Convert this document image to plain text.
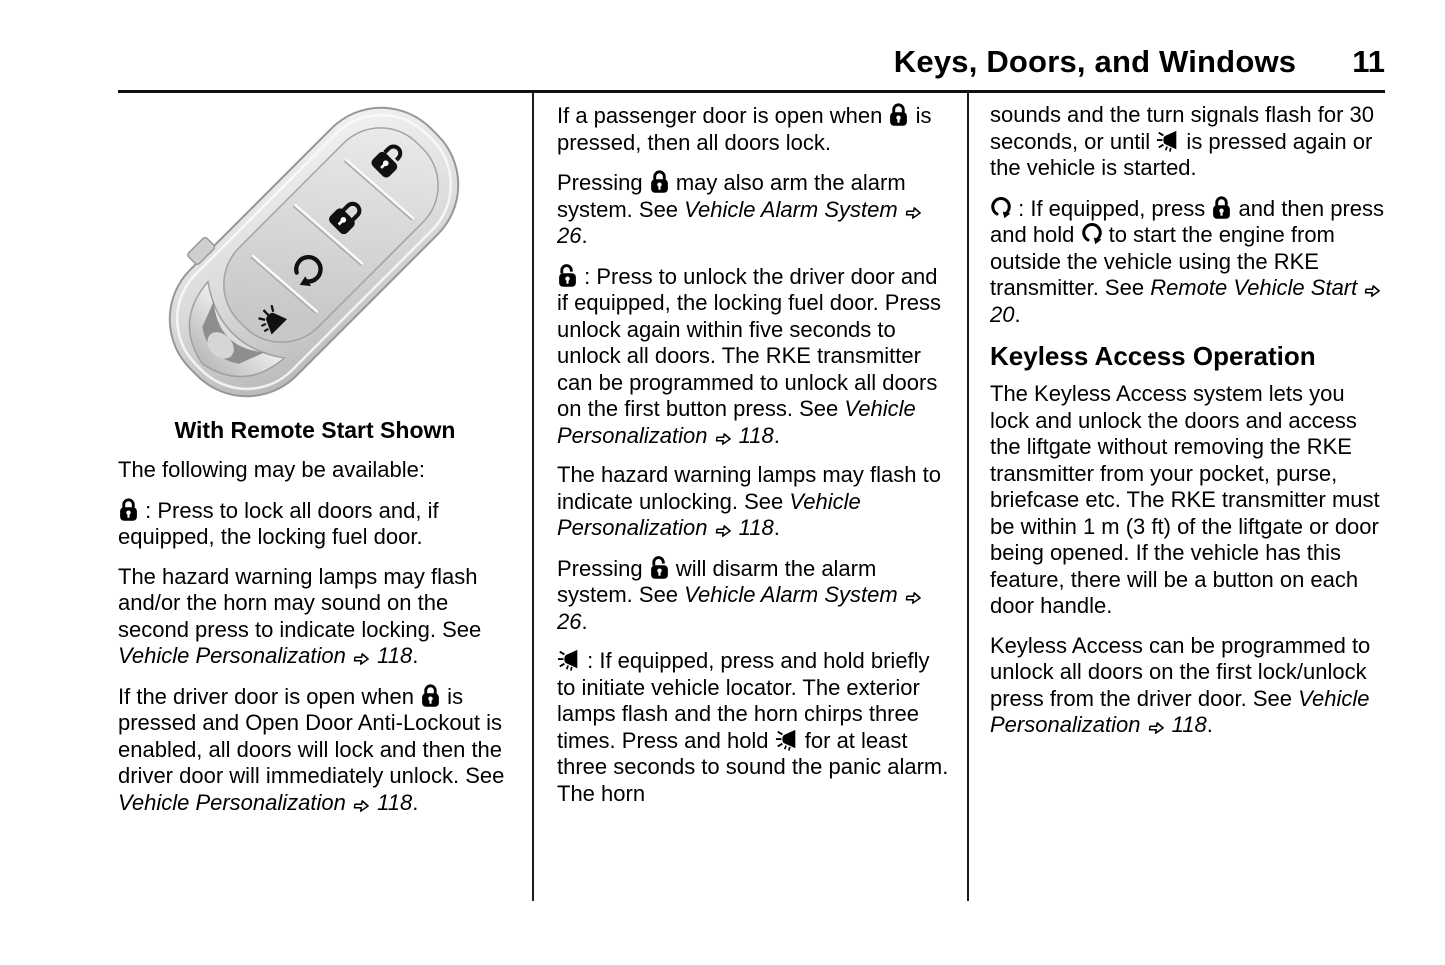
Keys, Doors, and Windows 11
With Remote Start Shown

The following may be available:

: Press to lock all doors and, if equipped, the locking fuel door.

The hazard warning lamps may flash and/or the horn may sound on the second press to indicate locking. See Vehicle Personalization
118.

If the driver door is open when
is pressed and Open Door Anti-Lockout is enabled, all doors will lock and then the driver door will immediately unlock. See Vehicle Personalization
118.

If a passenger door is open when
is pressed, then all doors lock.

Pressing
may also arm the alarm system. See Vehicle Alarm System
26.

: Press to unlock the driver door and if equipped, the locking fuel door. Press unlock again within five seconds to unlock all doors. The RKE transmitter can be programmed to unlock all doors on the first button press. See Vehicle Personalization
118.

The hazard warning lamps may flash to indicate unlocking. See Vehicle Personalization
118.

Pressing
will disarm the alarm system. See Vehicle Alarm System
26.

: If equipped, press and hold briefly to initiate vehicle locator. The exterior lamps flash and the horn chirps three times. Press and hold
for at least three seconds to sound the panic alarm. The horn

sounds and the turn signals flash for 30 seconds, or until
is pressed again or the vehicle is started.

: If equipped, press
and then press and hold
to start the engine from outside the vehicle using the RKE transmitter. See Remote Vehicle Start
20.

Keyless Access Operation

The Keyless Access system lets you lock and unlock the doors and access the liftgate without removing the RKE transmitter from your pocket, purse, briefcase etc. The RKE transmitter must be within 1 m (3 ft) of the liftgate or door being opened. If the vehicle has this feature, there will be a button on each door handle.

Keyless Access can be programmed to unlock all doors on the first lock/unlock press from the driver door. See Vehicle Personalization
118.
